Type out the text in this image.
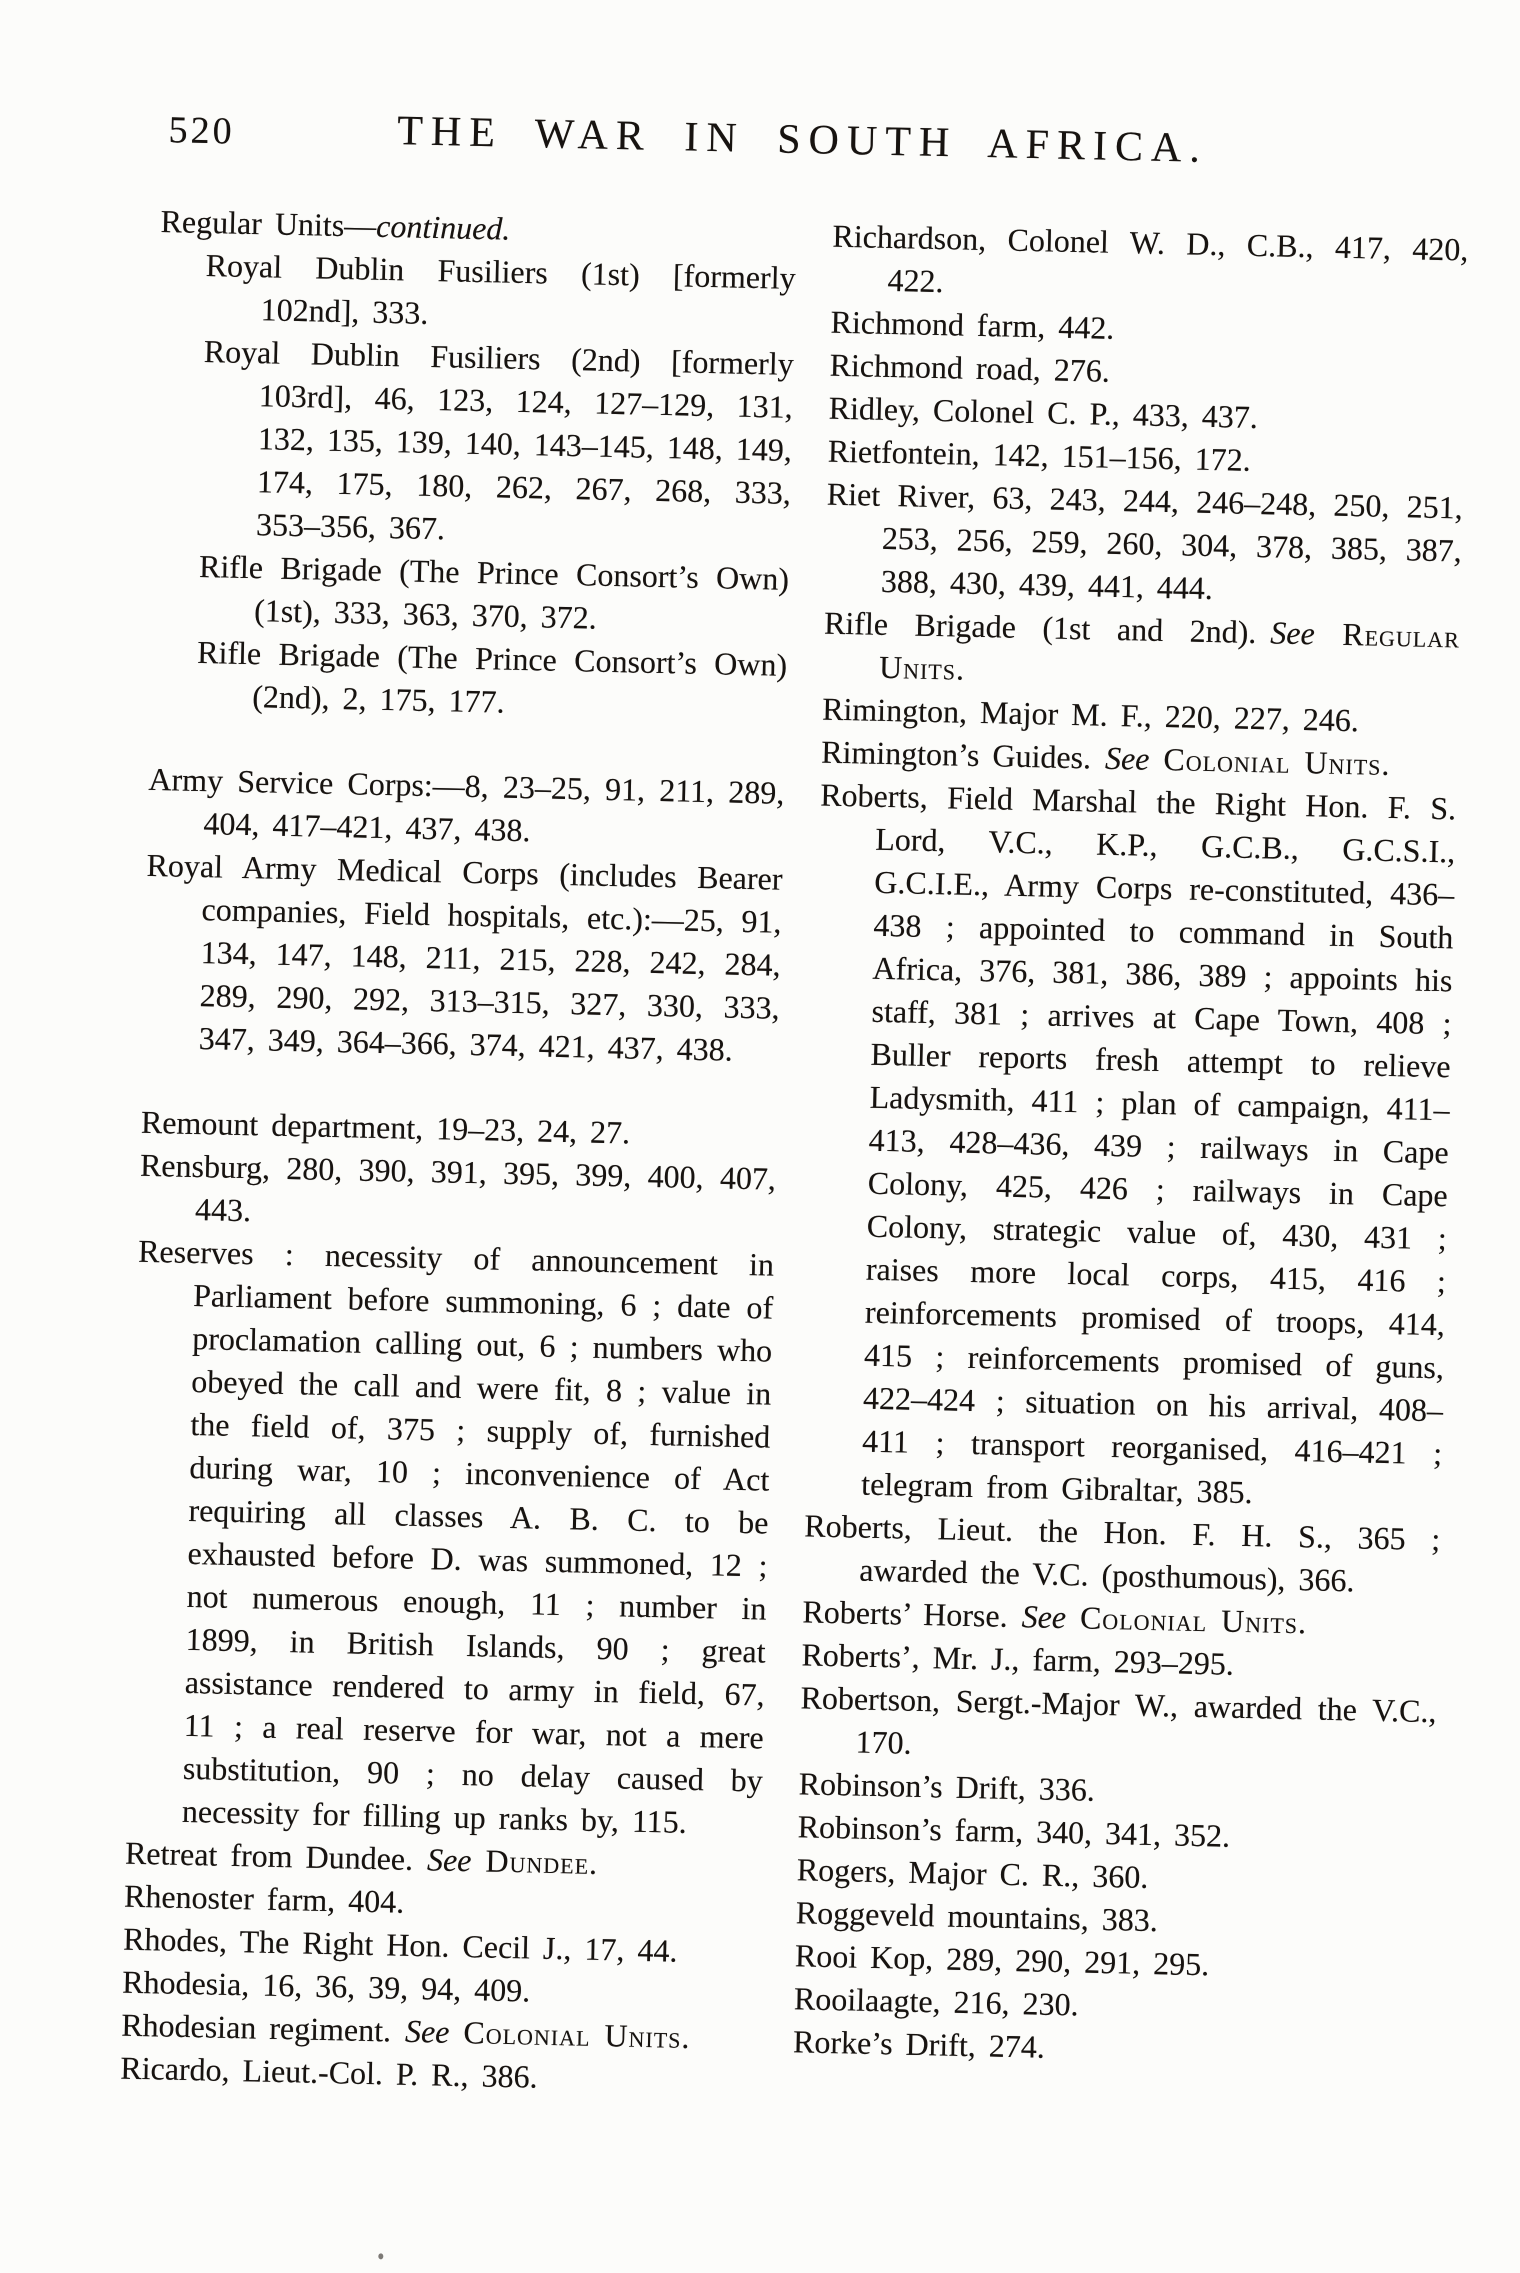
520	THE WAR IN SOUTH AFRICA.

Regular Units—continued.

Royal Dublin Fusiliers (1st) [formerly 102nd], 333.

Royal Dublin Fusiliers (2nd) [formerly 103rd], 46, 123, 124, 127–129, 131, 132, 135, 139, 140, 143–145, 148, 149, 174, 175, 180, 262, 267, 268, 333, 353–356, 367.

Rifle Brigade (The Prince Consort’s Own) (1st), 333, 363, 370, 372.

Rifle Brigade (The Prince Consort’s Own) (2nd), 2, 175, 177.

Army Service Corps:—8, 23–25, 91, 211, 289, 404, 417–421, 437, 438.

Royal Army Medical Corps (includes Bearer companies, Field hospitals, etc.):—25, 91, 134, 147, 148, 211, 215, 228, 242, 284, 289, 290, 292, 313–315, 327, 330, 333, 347, 349, 364–366, 374, 421, 437, 438.

Remount department, 19–23, 24, 27.

Rensburg, 280, 390, 391, 395, 399, 400, 407, 443.

Reserves : necessity of announcement in Parliament before summoning, 6 ; date of proclamation calling out, 6 ; numbers who obeyed the call and were fit, 8 ; value in the field of, 375 ; supply of, furnished during war, 10 ; inconvenience of Act requiring all classes A. B. C. to be exhausted before D. was summoned, 12 ; not numerous enough, 11 ; number in 1899, in British Islands, 90 ; great assistance rendered to army in field, 67, 11 ; a real reserve for war, not a mere substitution, 90 ; no delay caused by necessity for filling up ranks by, 115.

Retreat from Dundee. See Dundee.

Rhenoster farm, 404.

Rhodes, The Right Hon. Cecil J., 17, 44.

Rhodesia, 16, 36, 39, 94, 409.

Rhodesian regiment. See Colonial Units.

Ricardo, Lieut.-Col. P. R., 386.

Richardson, Colonel W. D., C.B., 417, 420, 422.

Richmond farm, 442.

Richmond road, 276.

Ridley, Colonel C. P., 433, 437.

Rietfontein, 142, 151–156, 172.

Riet River, 63, 243, 244, 246–248, 250, 251, 253, 256, 259, 260, 304, 378, 385, 387, 388, 430, 439, 441, 444.

Rifle Brigade (1st and 2nd). See Regular Units.

Rimington, Major M. F., 220, 227, 246.

Rimington’s Guides. See Colonial Units.

Roberts, Field Marshal the Right Hon. F. S. Lord, V.C., K.P., G.C.B., G.C.S.I., G.C.I.E., Army Corps re-constituted, 436–438 ; appointed to command in South Africa, 376, 381, 386, 389 ; appoints his staff, 381 ; arrives at Cape Town, 408 ; Buller reports fresh attempt to relieve Ladysmith, 411 ; plan of campaign, 411–413, 428–436, 439 ; railways in Cape Colony, 425, 426 ; railways in Cape Colony, strategic value of, 430, 431 ; raises more local corps, 415, 416 ; reinforcements promised of troops, 414, 415 ; reinforcements promised of guns, 422–424 ; situation on his arrival, 408–411 ; transport reorganised, 416–421 ; telegram from Gibraltar, 385.

Roberts, Lieut. the Hon. F. H. S., 365 ; awarded the V.C. (posthumous), 366.

Roberts’ Horse. See Colonial Units.

Roberts’, Mr. J., farm, 293–295.

Robertson, Sergt.-Major W., awarded the V.C., 170.

Robinson’s Drift, 336.

Robinson’s farm, 340, 341, 352.

Rogers, Major C. R., 360.

Roggeveld mountains, 383.

Rooi Kop, 289, 290, 291, 295.

Rooilaagte, 216, 230.

Rorke’s Drift, 274.
